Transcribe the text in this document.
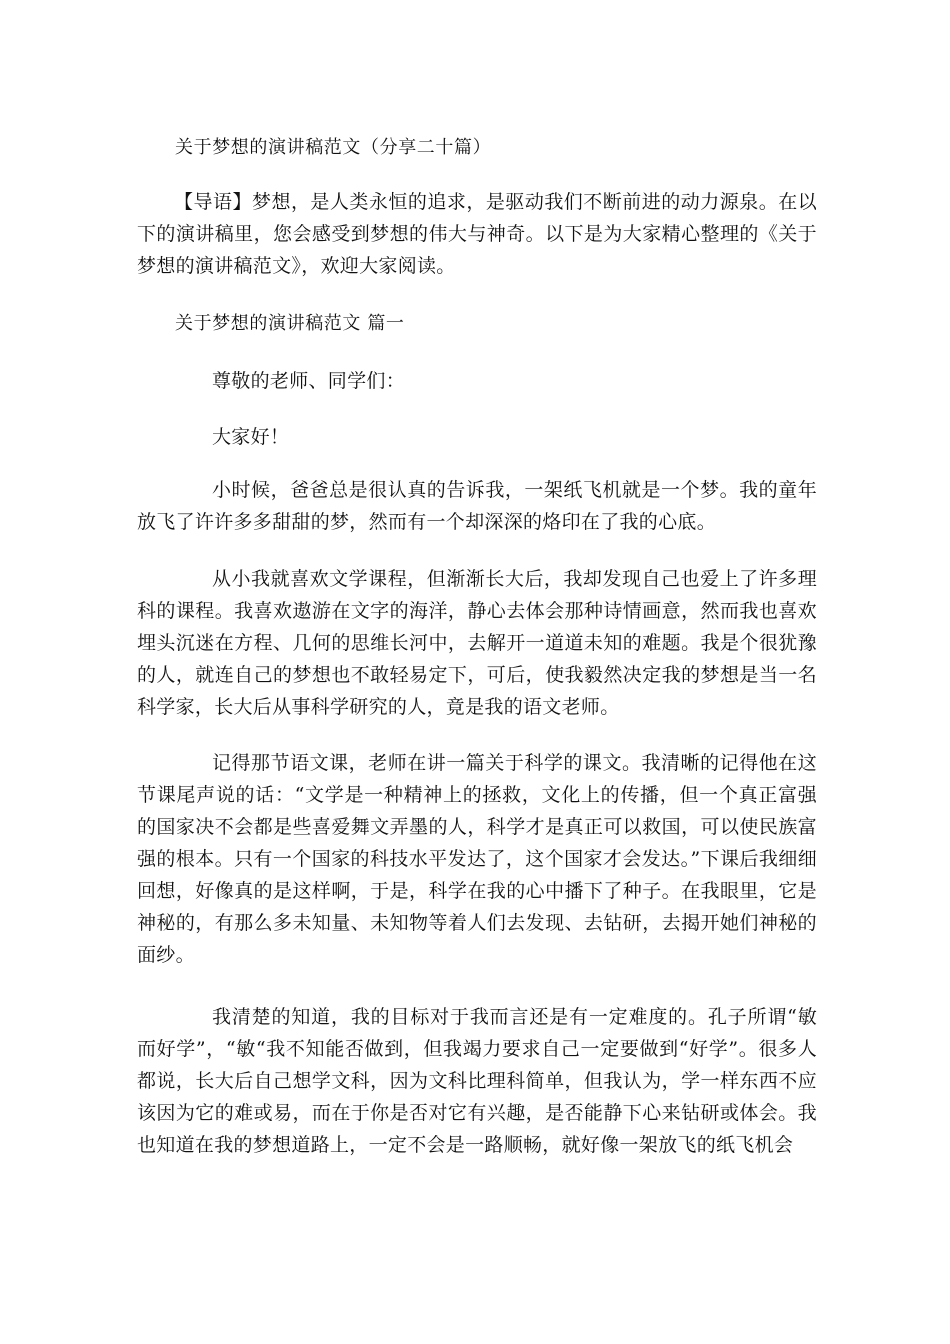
关于梦想的演讲稿范文（分享二十篇）

【导语】梦想，是人类永恒的追求，是驱动我们不断前进的动力源泉。在以下的演讲稿里，您会感受到梦想的伟大与神奇。以下是为大家精心整理的《关于梦想的演讲稿范文》，欢迎大家阅读。

关于梦想的演讲稿范文 篇一

尊敬的老师、同学们：

大家好！

小时候，爸爸总是很认真的告诉我，一架纸飞机就是一个梦。我的童年放飞了许许多多甜甜的梦，然而有一个却深深的烙印在了我的心底。

从小我就喜欢文学课程，但渐渐长大后，我却发现自己也爱上了许多理科的课程。我喜欢遨游在文字的海洋，静心去体会那种诗情画意，然而我也喜欢埋头沉迷在方程、几何的思维长河中，去解开一道道未知的难题。我是个很犹豫的人，就连自己的梦想也不敢轻易定下，可后，使我毅然决定我的梦想是当一名科学家，长大后从事科学研究的人，竟是我的语文老师。

记得那节语文课，老师在讲一篇关于科学的课文。我清晰的记得他在这节课尾声说的话：“文学是一种精神上的拯救，文化上的传播，但一个真正富强的国家决不会都是些喜爱舞文弄墨的人，科学才是真正可以救国，可以使民族富强的根本。只有一个国家的科技水平发达了，这个国家才会发达。”下课后我细细回想，好像真的是这样啊，于是，科学在我的心中播下了种子。在我眼里，它是神秘的，有那么多未知量、未知物等着人们去发现、去钻研，去揭开她们神秘的面纱。

我清楚的知道，我的目标对于我而言还是有一定难度的。孔子所谓“敏而好学”，“敏“我不知能否做到，但我竭力要求自己一定要做到“好学”。很多人都说，长大后自己想学文科，因为文科比理科简单，但我认为，学一样东西不应该因为它的难或易，而在于你是否对它有兴趣，是否能静下心来钻研或体会。我也知道在我的梦想道路上，一定不会是一路顺畅，就好像一架放飞的纸飞机会
